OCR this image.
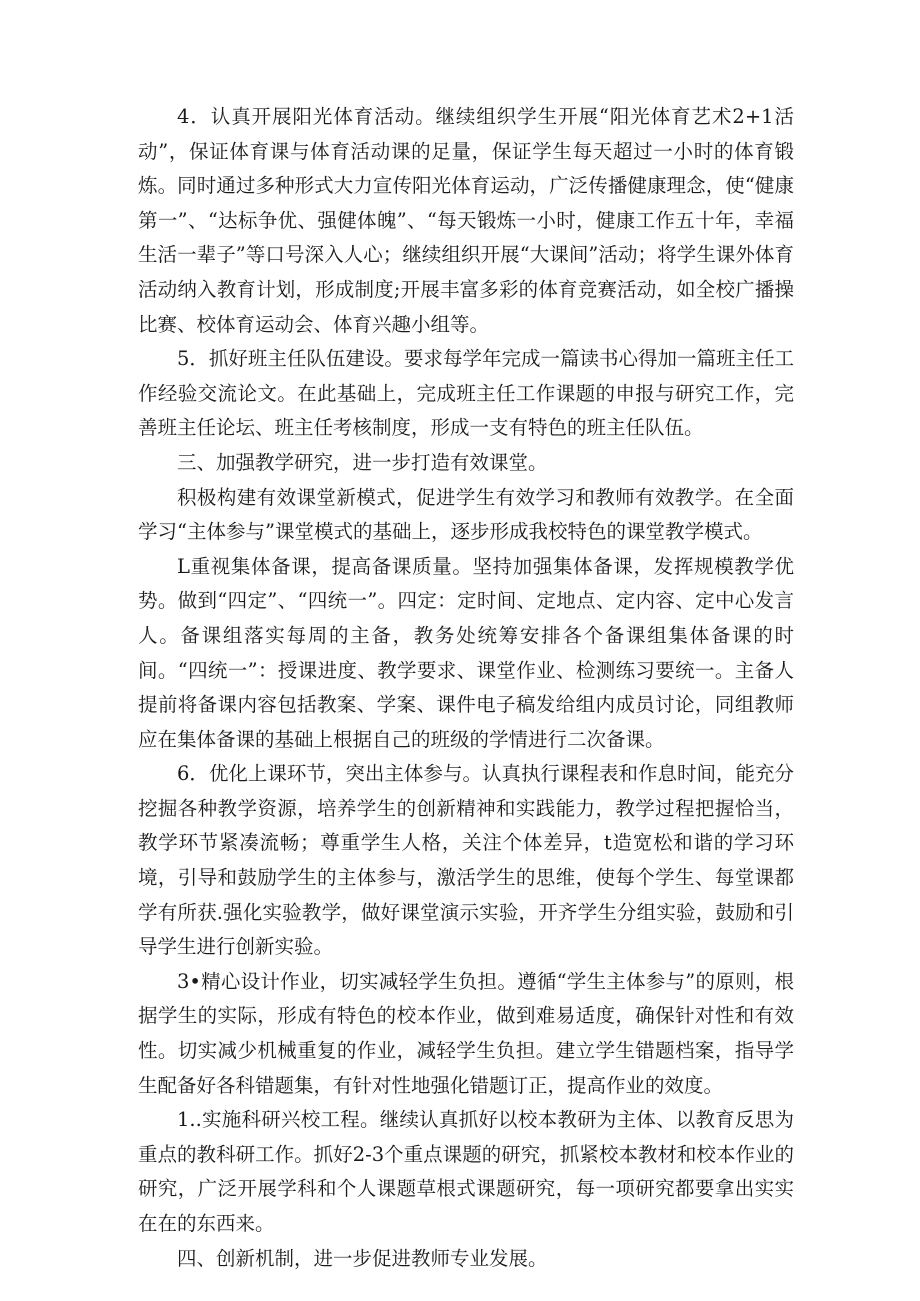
4．认真开展阳光体育活动。继续组织学生开展“阳光体育艺术2+1活动”，保证体育课与体育活动课的足量，保证学生每天超过一小时的体育锻炼。同时通过多种形式大力宣传阳光体育运动，广泛传播健康理念，使“健康第一”、“达标争优、强健体魄”、“每天锻炼一小时，健康工作五十年，幸福生活一辈子”等口号深入人心；继续组织开展“大课间”活动；将学生课外体育活动纳入教育计划，形成制度;开展丰富多彩的体育竞赛活动，如全校广播操比赛、校体育运动会、体育兴趣小组等。

5．抓好班主任队伍建设。要求每学年完成一篇读书心得加一篇班主任工作经验交流论文。在此基础上，完成班主任工作课题的申报与研究工作，完善班主任论坛、班主任考核制度，形成一支有特色的班主任队伍。

三、加强教学研究，进一步打造有效课堂。

积极构建有效课堂新模式，促进学生有效学习和教师有效教学。在全面学习“主体参与”课堂模式的基础上，逐步形成我校特色的课堂教学模式。

L重视集体备课，提高备课质量。坚持加强集体备课，发挥规模教学优势。做到“四定”、“四统一”。四定：定时间、定地点、定内容、定中心发言人。备课组落实每周的主备，教务处统筹安排各个备课组集体备课的时间。“四统一”：授课进度、教学要求、课堂作业、检测练习要统一。主备人提前将备课内容包括教案、学案、课件电子稿发给组内成员讨论，同组教师应在集体备课的基础上根据自己的班级的学情进行二次备课。

6．优化上课环节，突出主体参与。认真执行课程表和作息时间，能充分挖掘各种教学资源，培养学生的创新精神和实践能力，教学过程把握恰当，教学环节紧凑流畅；尊重学生人格，关注个体差异，t造宽松和谐的学习环境，引导和鼓励学生的主体参与，激活学生的思维，使每个学生、每堂课都学有所获.强化实验教学，做好课堂演示实验，开齐学生分组实验，鼓励和引导学生进行创新实验。

3•精心设计作业，切实减轻学生负担。遵循“学生主体参与”的原则，根据学生的实际，形成有特色的校本作业，做到难易适度，确保针对性和有效性。切实减少机械重复的作业，减轻学生负担。建立学生错题档案，指导学生配备好各科错题集，有针对性地强化错题订正，提高作业的效度。

1..实施科研兴校工程。继续认真抓好以校本教研为主体、以教育反思为重点的教科研工作。抓好2-3个重点课题的研究，抓紧校本教材和校本作业的研究，广泛开展学科和个人课题草根式课题研究，每一项研究都要拿出实实在在的东西来。

四、创新机制，进一步促进教师专业发展。
